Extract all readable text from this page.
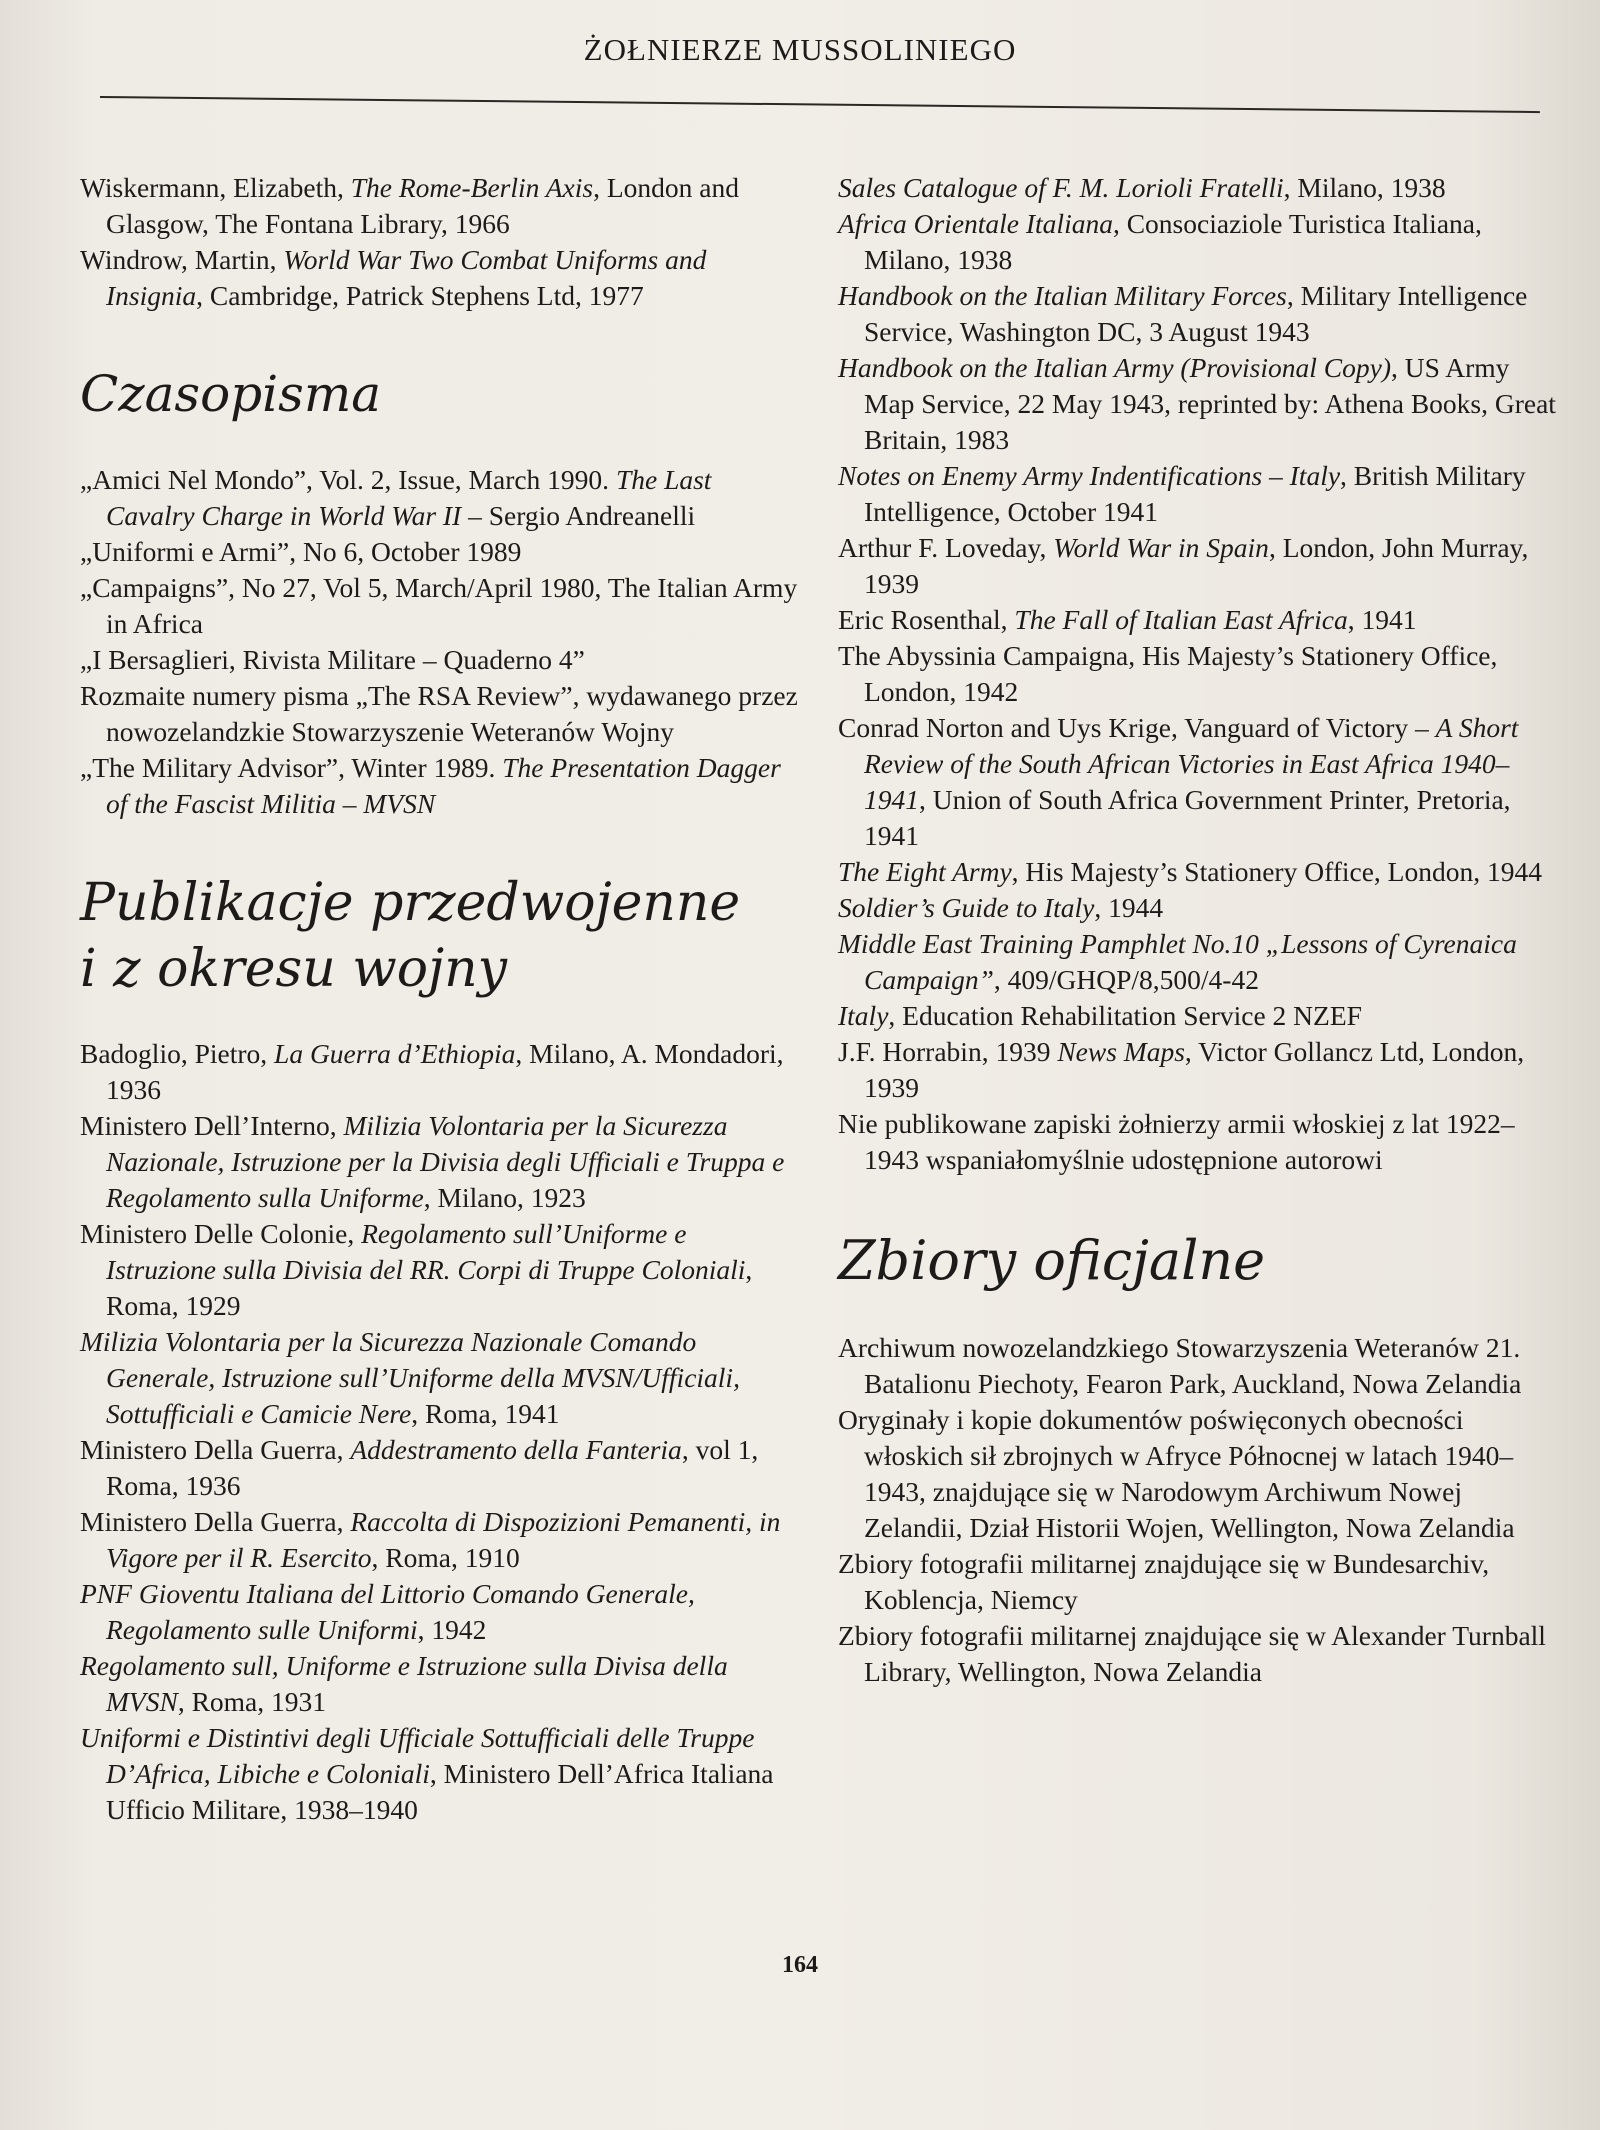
ŻOŁNIERZE MUSSOLINIEGO

Wiskermann, Elizabeth, The Rome-Berlin Axis, London and Glasgow, The Fontana Library, 1966

Windrow, Martin, World War Two Combat Uniforms and Insignia, Cambridge, Patrick Stephens Ltd, 1977

Czasopisma

„Amici Nel Mondo”, Vol. 2, Issue, March 1990. The Last Cavalry Charge in World War II – Sergio Andreanelli

„Uniformi e Armi”, No 6, October 1989

„Campaigns”, No 27, Vol 5, March/April 1980, The Italian Army in Africa

„I Bersaglieri, Rivista Militare – Quaderno 4”

Rozmaite numery pisma „The RSA Review”, wydawanego przez nowozelandzkie Stowarzyszenie Weteranów Wojny

„The Military Advisor”, Winter 1989. The Presentation Dagger of the Fascist Militia – MVSN

Publikacje przedwojenne
i z okresu wojny

Badoglio, Pietro, La Guerra d’Ethiopia, Milano, A. Mondadori, 1936

Ministero Dell’Interno, Milizia Volontaria per la Sicurezza Nazionale, Istruzione per la Divisia degli Ufficiali e Truppa e Regolamento sulla Uniforme, Milano, 1923

Ministero Delle Colonie, Regolamento sull’Uniforme e Istruzione sulla Divisia del RR. Corpi di Truppe Coloniali, Roma, 1929

Milizia Volontaria per la Sicurezza Nazionale Comando Generale, Istruzione sull’Uniforme della MVSN/Ufficiali, Sottufficiali e Camicie Nere, Roma, 1941

Ministero Della Guerra, Addestramento della Fanteria, vol 1, Roma, 1936

Ministero Della Guerra, Raccolta di Dispozizioni Pemanenti, in Vigore per il R. Esercito, Roma, 1910

PNF Gioventu Italiana del Littorio Comando Generale, Regolamento sulle Uniformi, 1942

Regolamento sull, Uniforme e Istruzione sulla Divisa della MVSN, Roma, 1931

Uniformi e Distintivi degli Ufficiale Sottufficiali delle Truppe D’Africa, Libiche e Coloniali, Ministero Dell’Africa Italiana Ufficio Militare, 1938–1940

Sales Catalogue of F. M. Lorioli Fratelli, Milano, 1938

Africa Orientale Italiana, Consociaziole Turistica Italiana, Milano, 1938

Handbook on the Italian Military Forces, Military Intelligence Service, Washington DC, 3 August 1943

Handbook on the Italian Army (Provisional Copy), US Army Map Service, 22 May 1943, reprinted by: Athena Books, Great Britain, 1983

Notes on Enemy Army Indentifications – Italy, British Military Intelligence, October 1941

Arthur F. Loveday, World War in Spain, London, John Murray, 1939

Eric Rosenthal, The Fall of Italian East Africa, 1941

The Abyssinia Campaigna, His Majesty’s Stationery Office, London, 1942

Conrad Norton and Uys Krige, Vanguard of Victory – A Short Review of the South African Victories in East Africa 1940–1941, Union of South Africa Government Printer, Pretoria, 1941

The Eight Army, His Majesty’s Stationery Office, London, 1944

Soldier’s Guide to Italy, 1944

Middle East Training Pamphlet No.10 „Lessons of Cyrenaica Campaign”, 409/GHQP/8,500/4-42

Italy, Education Rehabilitation Service 2 NZEF

J.F. Horrabin, 1939 News Maps, Victor Gollancz Ltd, London, 1939

Nie publikowane zapiski żołnierzy armii włoskiej z lat 1922–1943 wspaniałomyślnie udostępnione autorowi

Zbiory oficjalne

Archiwum nowozelandzkiego Stowarzyszenia Weteranów 21. Batalionu Piechoty, Fearon Park, Auckland, Nowa Zelandia

Oryginały i kopie dokumentów poświęconych obecności włoskich sił zbrojnych w Afryce Północnej w latach 1940–1943, znajdujące się w Narodowym Archiwum Nowej Zelandii, Dział Historii Wojen, Wellington, Nowa Zelandia

Zbiory fotografii militarnej znajdujące się w Bundesarchiv, Koblencja, Niemcy

Zbiory fotografii militarnej znajdujące się w Alexander Turnball Library, Wellington, Nowa Zelandia

164
